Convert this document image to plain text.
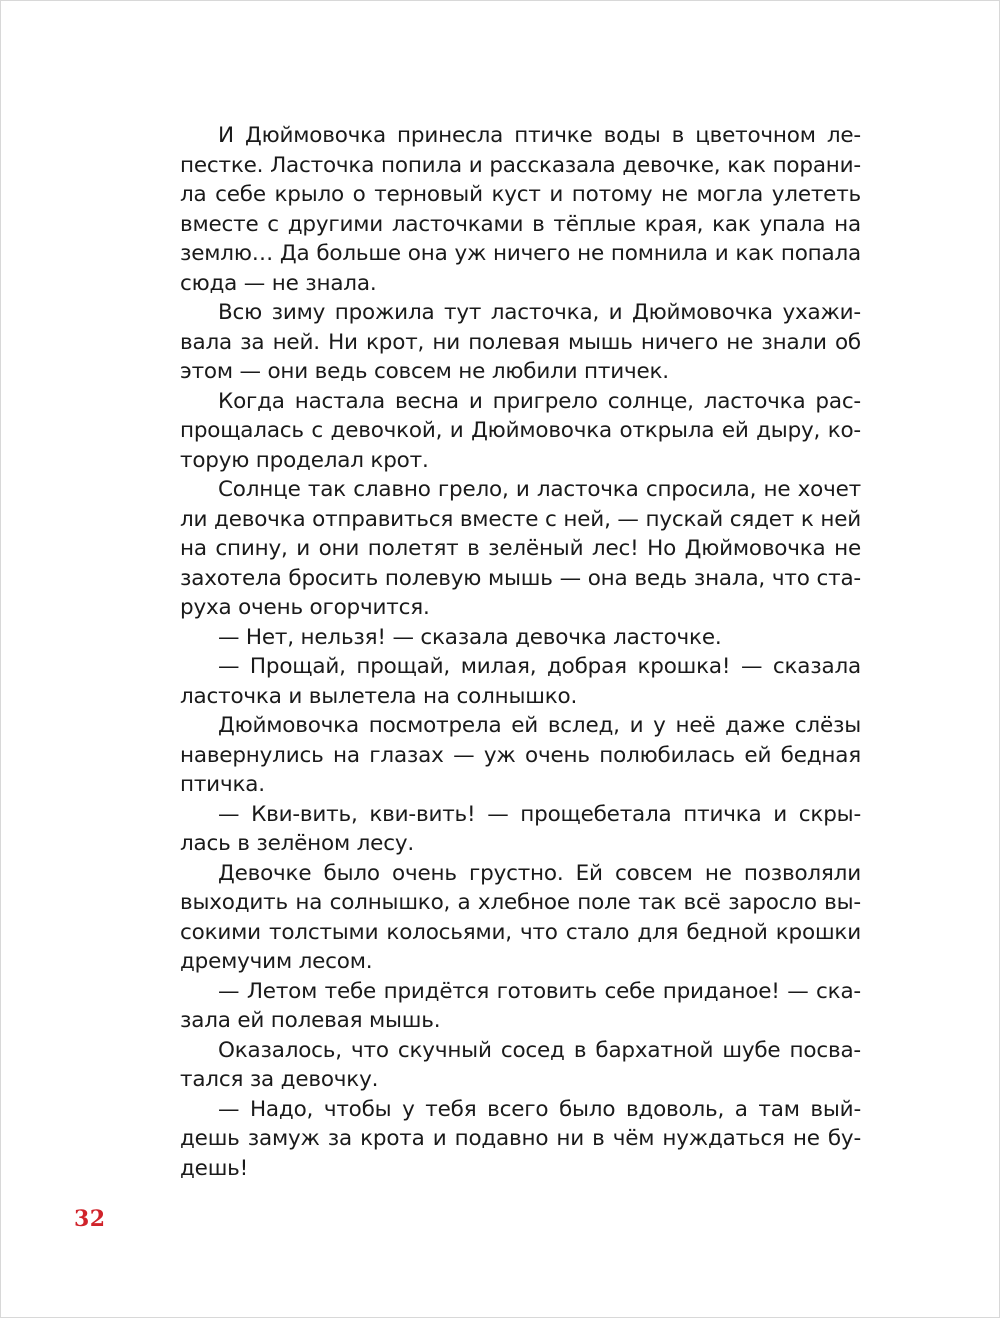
И Дюймовочка принесла птичке воды в цветочном ле-
пестке. Ласточка попила и рассказала девочке, как порани-
ла себе крыло о терновый куст и потому не могла улететь
вместе с другими ласточками в тёплые края, как упала на
землю… Да больше она уж ничего не помнила и как попала
сюда — не знала.
Всю зиму прожила тут ласточка, и Дюймовочка ухажи-
вала за ней. Ни крот, ни полевая мышь ничего не знали об
этом — они ведь совсем не любили птичек.
Когда настала весна и пригрело солнце, ласточка рас-
прощалась с девочкой, и Дюймовочка открыла ей дыру, ко-
торую проделал крот.
Солнце так славно грело, и ласточка спросила, не хочет
ли девочка отправиться вместе с ней, — пускай сядет к ней
на спину, и они полетят в зелёный лес! Но Дюймовочка не
захотела бросить полевую мышь — она ведь знала, что ста-
руха очень огорчится.
— Нет, нельзя! — сказала девочка ласточке.
— Прощай, прощай, милая, добрая крошка! — сказала
ласточка и вылетела на солнышко.
Дюймовочка посмотрела ей вслед, и у неё даже слёзы
навернулись на глазах — уж очень полюбилась ей бедная
птичка.
— Кви-вить, кви-вить! — прощебетала птичка и скры-
лась в зелёном лесу.
Девочке было очень грустно. Ей совсем не позволяли
выходить на солнышко, а хлебное поле так всё заросло вы-
сокими толстыми колосьями, что стало для бедной крошки
дремучим лесом.
— Летом тебе придётся готовить себе приданое! — ска-
зала ей полевая мышь.
Оказалось, что скучный сосед в бархатной шубе посва-
тался за девочку.
— Надо, чтобы у тебя всего было вдоволь, а там вый-
дешь замуж за крота и подавно ни в чём нуждаться не бу-
дешь!
32
